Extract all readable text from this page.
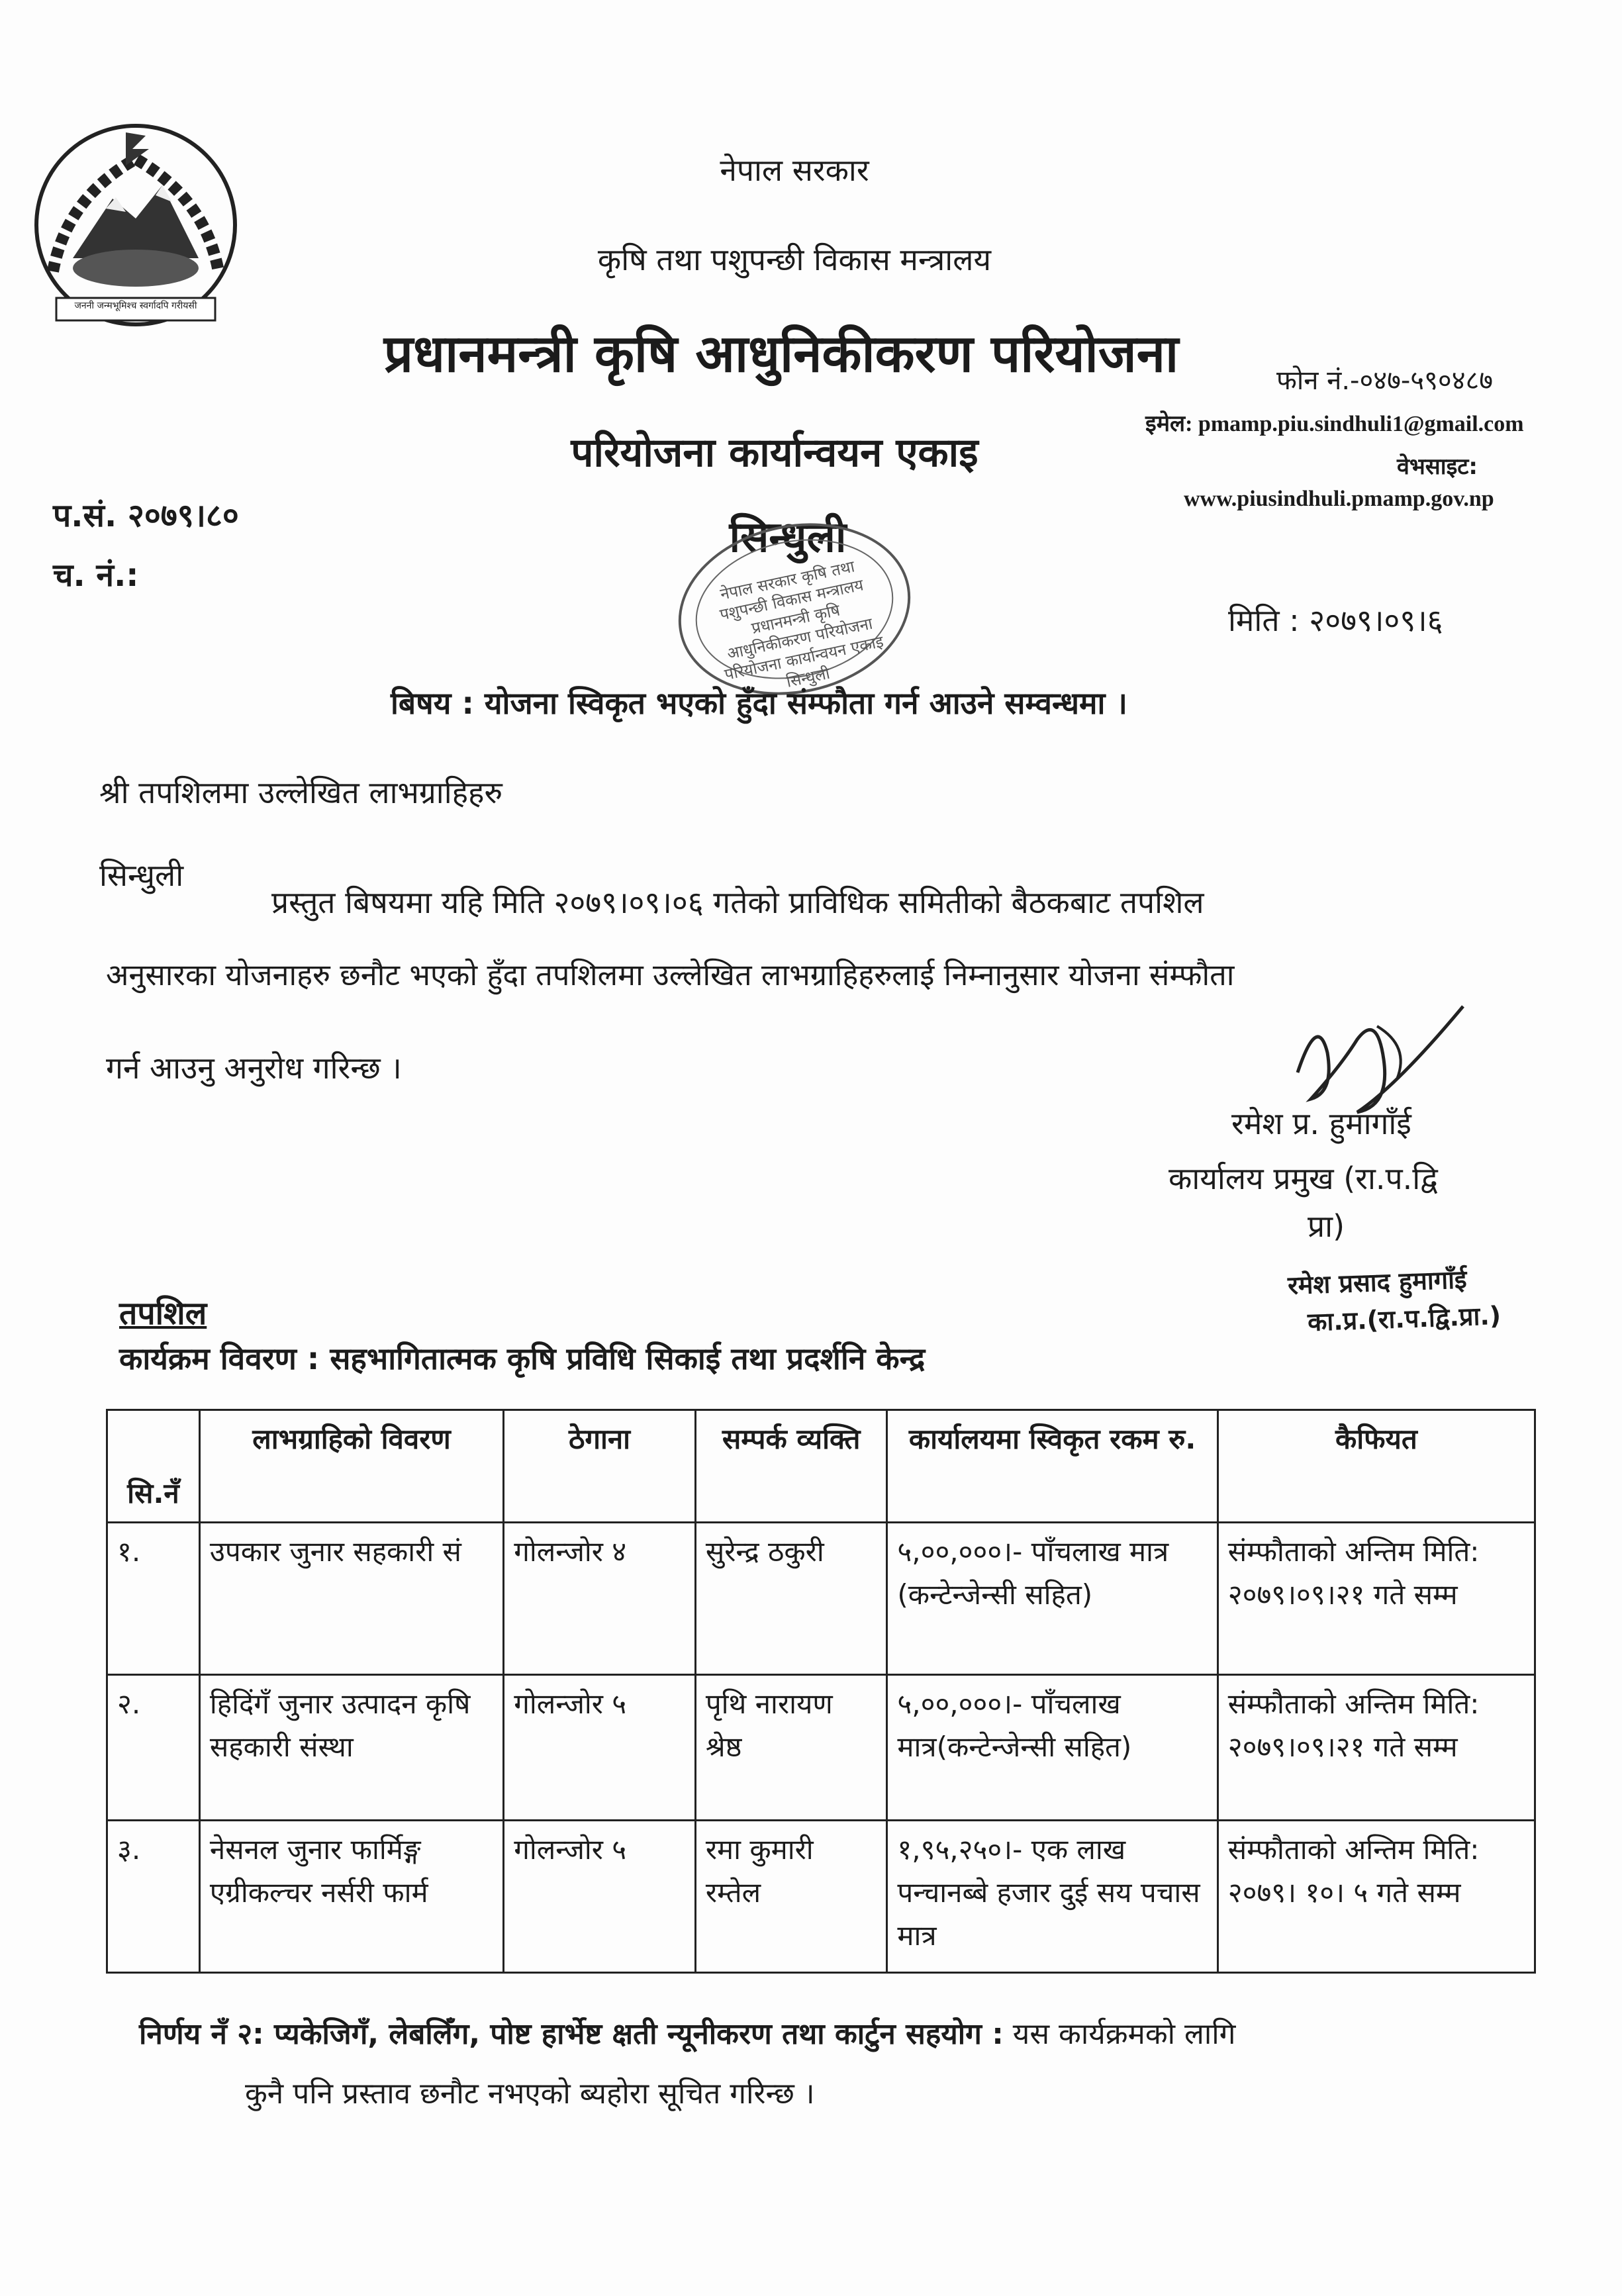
जननी जन्मभूमिश्च स्वर्गादपि गरीयसी
नेपाल सरकार
कृषि तथा पशुपन्छी विकास मन्त्रालय
प्रधानमन्त्री कृषि आधुनिकीकरण परियोजना
परियोजना कार्यान्वयन एकाइ
सिन्धुली
नेपाल सरकार कृषि तथा पशुपन्छी विकास मन्त्रालय प्रधानमन्त्री कृषि आधुनिकीकरण परियोजना परियोजना कार्यान्वयन एकाइ सिन्धुली
फोन नं.-०४७-५९०४८७
इमेल: pmamp.piu.sindhuli1@gmail.com
वेभसाइट:
www.piusindhuli.pmamp.gov.np
प.सं. २०७९।८०
च. नं.:
मिति : २०७९।०९।६
बिषय : योजना स्विकृत भएको हुँदा संम्फौता गर्न आउने सम्वन्धमा ।
श्री तपशिलमा उल्लेखित लाभग्राहिहरु
सिन्धुली
प्रस्तुत बिषयमा यहि मिति २०७९।०९।०६ गतेको प्राविधिक समितीको बैठकबाट तपशिल
अनुसारका योजनाहरु छनौट भएको हुँदा तपशिलमा उल्लेखित लाभग्राहिहरुलाई निम्नानुसार योजना संम्फौता
गर्न आउनु अनुरोध गरिन्छ ।
रमेश प्र. हुमागाँई
कार्यालय प्रमुख (रा.प.द्वि
प्रा)
रमेश प्रसाद हुमागाँई
का.प्र.(रा.प.द्वि.प्रा.)
तपशिल
कार्यक्रम विवरण : सहभागितात्मक कृषि प्रविधि सिकाई तथा प्रदर्शनि केन्द्र
सि.नँ	लाभग्राहिको विवरण	ठेगाना	सम्पर्क व्यक्ति	कार्यालयमा स्विकृत रकम रु.	कैफियत
१.	उपकार जुनार सहकारी सं	गोलन्जोर ४	सुरेन्द्र ठकुरी	५,००,०००।- पाँचलाख मात्र (कन्टेन्जेन्सी सहित)	संम्फौताको अन्तिम मिति: २०७९।०९।२१ गते सम्म
२.	हिदिंगँ जुनार उत्पादन कृषि सहकारी संस्था	गोलन्जोर ५	पृथि नारायण श्रेष्ठ	५,००,०००।- पाँचलाख मात्र(कन्टेन्जेन्सी सहित)	संम्फौताको अन्तिम मिति: २०७९।०९।२१ गते सम्म
३.	नेसनल जुनार फार्मिङ्ग एग्रीकल्चर नर्सरी फार्म	गोलन्जोर ५	रमा कुमारी रम्तेल	१,९५,२५०।- एक लाख पन्चानब्बे हजार दुई सय पचास मात्र	संम्फौताको अन्तिम मिति: २०७९। १०। ५ गते सम्म
निर्णय नँ २: प्यकेजिगँ, लेबलिँग, पोष्ट हार्भेष्ट क्षती न्यूनीकरण तथा कार्टुन सहयोग : यस कार्यक्रमको लागि
कुनै पनि प्रस्ताव छनौट नभएको ब्यहोरा सूचित गरिन्छ ।
